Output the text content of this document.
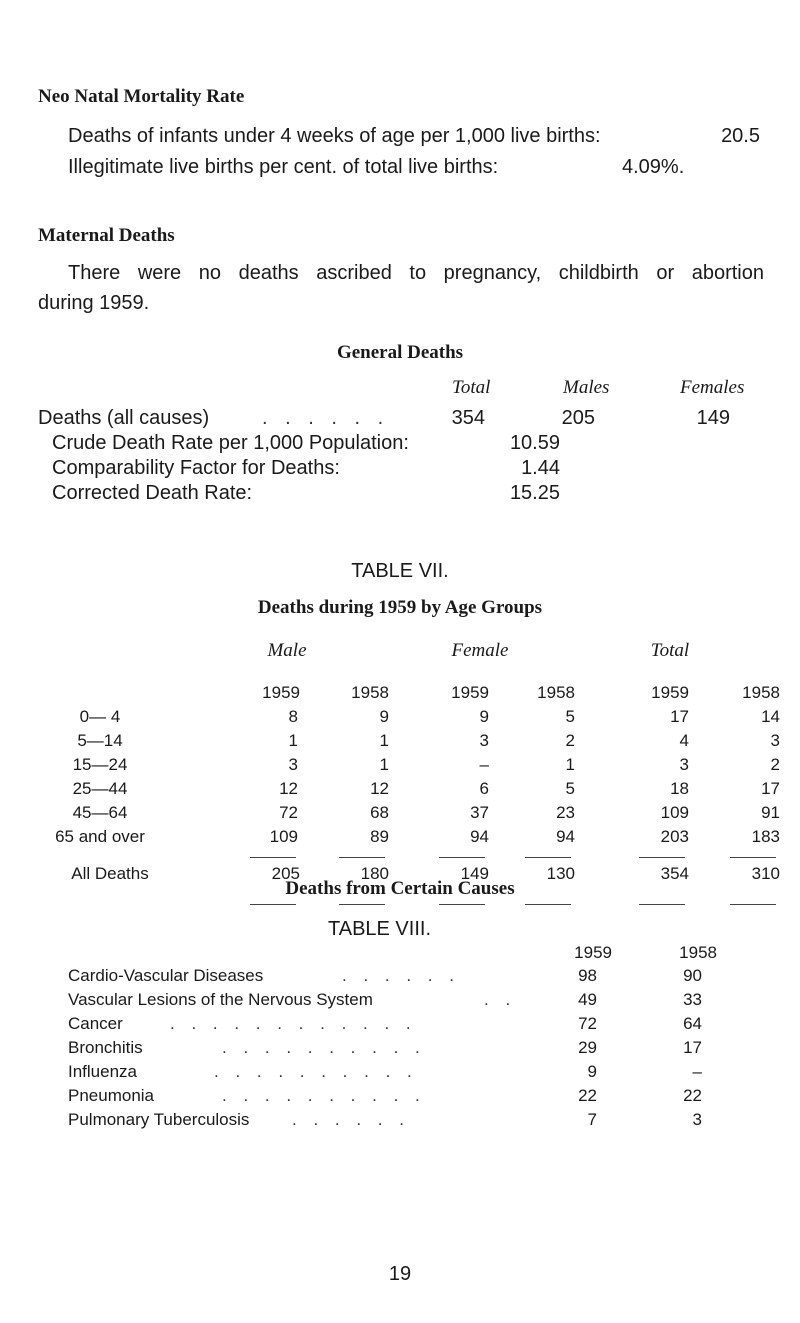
Neo Natal Mortality Rate
Deaths of infants under 4 weeks of age per 1,000 live births:	20.5
Illegitimate live births per cent. of total live births:	4.09%.
Maternal Deaths
There were no deaths ascribed to pregnancy, childbirth or abortion
during 1959.
General Deaths
Total	Males	Females
Deaths (all causes)	. . . . . .	354	205	149
Crude Death Rate per 1,000 Population:	10.59
Comparability Factor for Deaths:	1.44
Corrected Death Rate:	15.25
TABLE VII.
Deaths during 1959 by Age Groups
Male	Female	Total
1959	1958	1959	1958	1959	1958
0— 4	8	9	9	5	17	14
5—14	1	1	3	2	4	3
15—24	3	1	–	1	3	2
25—44	12	12	6	5	18	17
45—64	72	68	37	23	109	91
65 and over	109	89	94	94	203	183
All Deaths	205	180	149	130	354	310
Deaths from Certain Causes
TABLE VIII.
1959	1958
Cardio-Vascular Diseases	. . . . . .	98	90
Vascular Lesions of the Nervous System	. .	49	33
Cancer	. . . . . . . . . . . .	72	64
Bronchitis	. . . . . . . . . .	29	17
Influenza	. . . . . . . . . .	9	–
Pneumonia	. . . . . . . . . .	22	22
Pulmonary Tuberculosis	. . . . . .	7	3
19
